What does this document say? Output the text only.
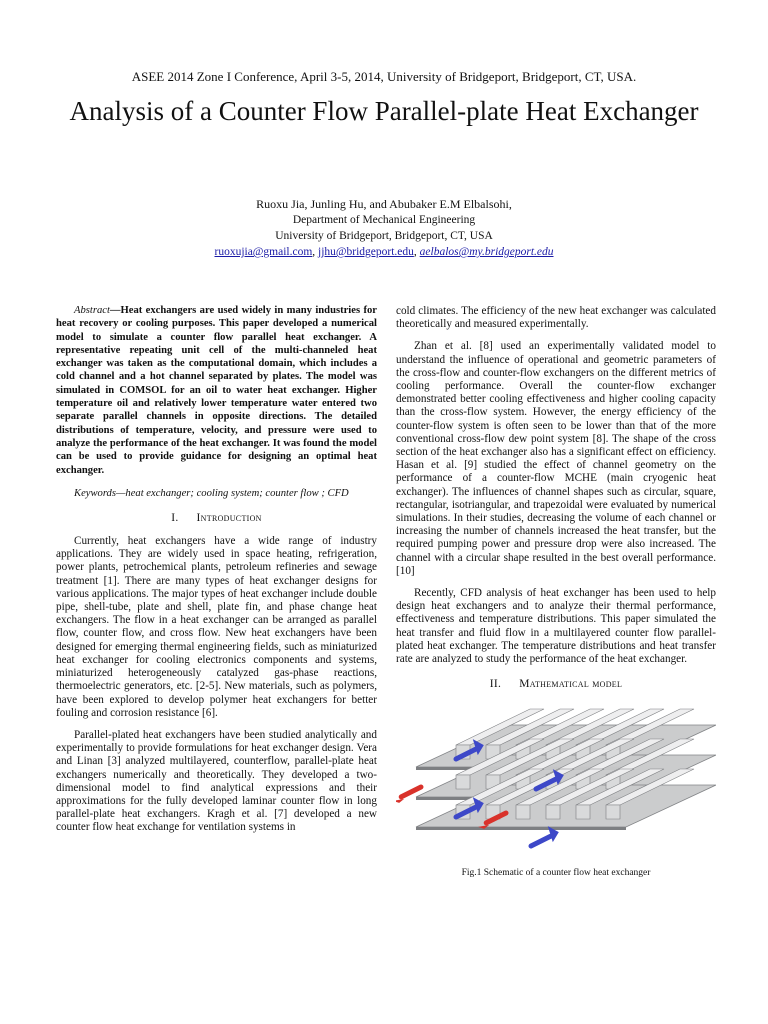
ASEE 2014 Zone I Conference, April 3-5, 2014, University of Bridgeport, Bridgeport, CT, USA.
Analysis of a Counter Flow Parallel-plate Heat Exchanger
Ruoxu Jia, Junling Hu, and Abubaker E.M Elbalsohi,
Department of Mechanical Engineering
University of Bridgeport, Bridgeport, CT, USA
ruoxujia@gmail.com, jjhu@bridgeport.edu, aelbalos@my.bridgeport.edu

Abstract—Heat exchangers are used widely in many industries for heat recovery or cooling purposes. This paper developed a numerical model to simulate a counter flow parallel heat exchanger. A representative repeating unit cell of the multi-channeled heat exchanger was taken as the computational domain, which includes a cold channel and a hot channel separated by plates. The model was simulated in COMSOL for an oil to water heat exchanger. Higher temperature oil and relatively lower temperature water entered two separate parallel channels in opposite directions. The detailed distributions of temperature, velocity, and pressure were used to analyze the performance of the heat exchanger. It was found the model can be used to provide guidance for designing an optimal heat exchanger.

Keywords—heat exchanger; cooling system; counter flow ; CFD

I. Introduction

Currently, heat exchangers have a wide range of industry applications. They are widely used in space heating, refrigeration, power plants, petrochemical plants, petroleum refineries and sewage treatment [1]. There are many types of heat exchanger designs for various applications. The major types of heat exchanger include double pipe, shell-tube, plate and shell, plate fin, and phase change heat exchangers. The flow in a heat exchanger can be arranged as parallel flow, counter flow, and cross flow. New heat exchangers have been designed for emerging thermal engineering fields, such as miniaturized heat exchanger for cooling electronics components and systems, miniaturized heterogeneously catalyzed gas-phase reactions, thermoelectric generators, etc. [2-5]. New materials, such as polymers, have been explored to develop polymer heat exchangers for better fouling and corrosion resistance [6].

Parallel-plated heat exchangers have been studied analytically and experimentally to provide formulations for heat exchanger design. Vera and Linan [3] analyzed multilayered, counterflow, parallel-plate heat exchangers numerically and theoretically. They developed a two-dimensional model to find analytical expressions and their approximations for the fully developed laminar counter flow in long parallel-plate heat exchangers. Kragh et al. [7] developed a new counter flow heat exchange for ventilation systems in

cold climates. The efficiency of the new heat exchanger was calculated theoretically and measured experimentally.

Zhan et al. [8] used an experimentally validated model to understand the influence of operational and geometric parameters of the cross-flow and counter-flow exchangers on the different metrics of cooling performance. Overall the counter-flow exchanger demonstrated better cooling effectiveness and higher cooling capacity than the cross-flow system. However, the energy efficiency of the counter-flow system is often seen to be lower than that of the more conventional cross-flow dew point system [8]. The shape of the cross section of the heat exchanger also has a significant effect on efficiency. Hasan et al. [9] studied the effect of channel geometry on the performance of a counter-flow MCHE (main cryogenic heat exchanger). The influences of channel shapes such as circular, square, rectangular, isotriangular, and trapezoidal were evaluated by numerical simulations. In their studies, decreasing the volume of each channel or increasing the number of channels increased the heat transfer, but the required pumping power and pressure drop were also increased. The channel with a circular shape resulted in the best overall performance. [10]

Recently, CFD analysis of heat exchanger has been used to help design heat exchangers and to analyze their thermal performance, effectiveness and temperature distributions. This paper simulated the heat transfer and fluid flow in a multilayered counter flow parallel-plated heat exchanger. The temperature distributions and heat transfer rate are analyzed to study the performance of the heat exchanger.

II. Mathematical model

Fig.1 Schematic of a counter flow heat exchanger
